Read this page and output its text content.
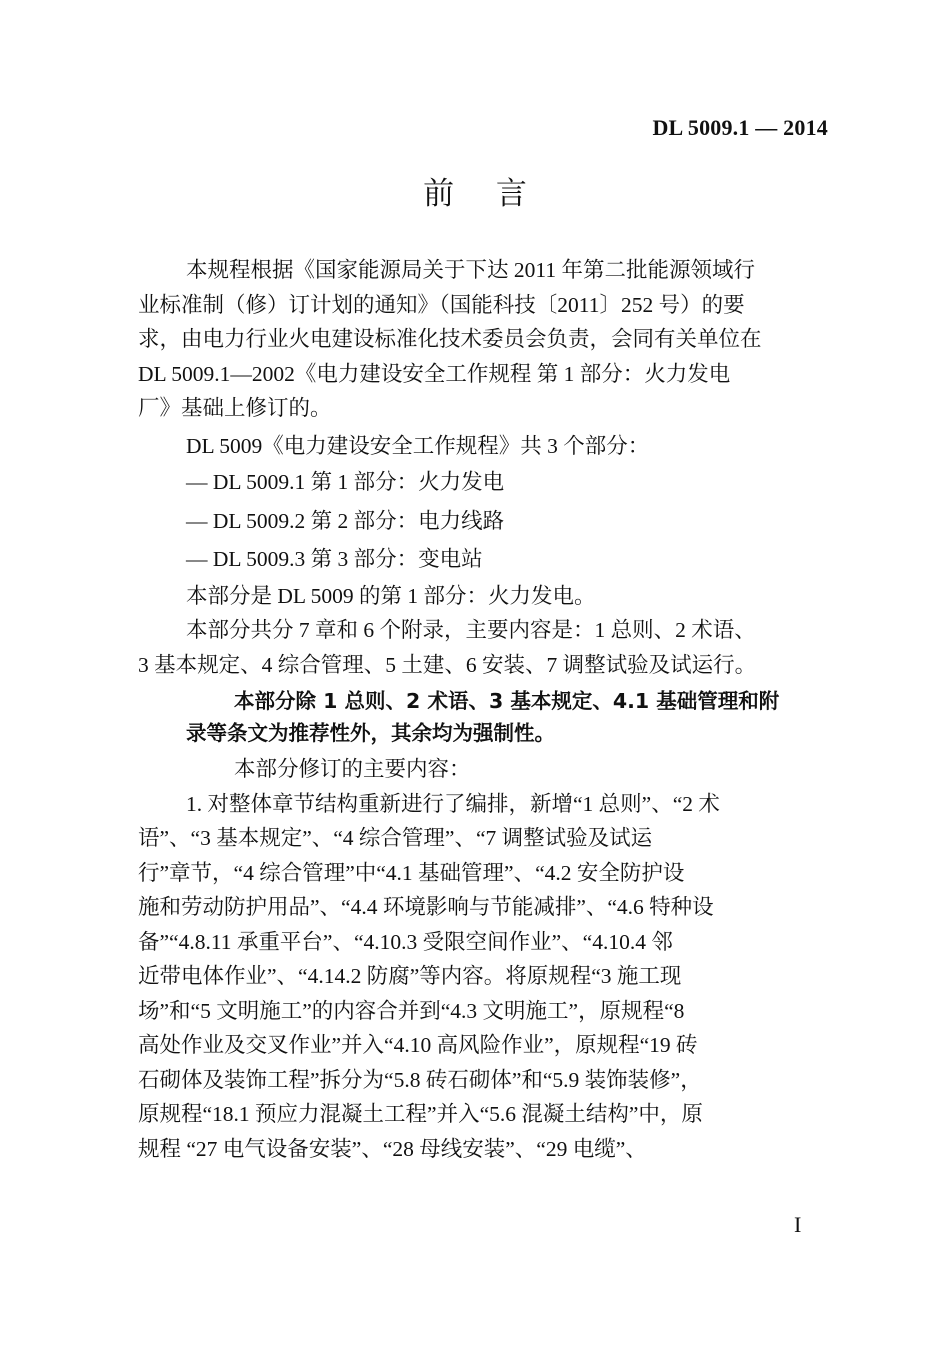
DL 5009.1 — 2014
前 言
本规程根据《国家能源局关于下达 2011 年第二批能源领域行
业标准制（修）订计划的通知》（国能科技〔2011〕252 号）的要
求，由电力行业火电建设标准化技术委员会负责，会同有关单位在
DL 5009.1—2002《电力建设安全工作规程 第 1 部分：火力发电
厂》基础上修订的。
DL 5009《电力建设安全工作规程》共 3 个部分：
— DL 5009.1 第 1 部分：火力发电
— DL 5009.2 第 2 部分：电力线路
— DL 5009.3 第 3 部分：变电站
本部分是 DL 5009 的第 1 部分：火力发电。
本部分共分 7 章和 6 个附录，主要内容是：1 总则、2 术语、
3 基本规定、4 综合管理、5 土建、6 安装、7 调整试验及试运行。
本部分除 1 总则、2 术语、3 基本规定、4.1 基础管理和附
录等条文为推荐性外，其余均为强制性。
本部分修订的主要内容：
1. 对整体章节结构重新进行了编排，新增“1 总则”、“2 术
语”、“3 基本规定”、“4 综合管理”、“7 调整试验及试运
行”章节，“4 综合管理”中“4.1 基础管理”、“4.2 安全防护设
施和劳动防护用品”、“4.4 环境影响与节能减排”、“4.6 特种设
备”“4.8.11 承重平台”、“4.10.3 受限空间作业”、“4.10.4 邻
近带电体作业”、“4.14.2 防腐”等内容。将原规程“3 施工现
场”和“5 文明施工”的内容合并到“4.3 文明施工”，原规程“8
高处作业及交叉作业”并入“4.10 高风险作业”，原规程“19 砖
石砌体及装饰工程”拆分为“5.8 砖石砌体”和“5.9 装饰装修”，
原规程“18.1 预应力混凝土工程”并入“5.6 混凝土结构”中，原
规程 “27 电气设备安装”、“28 母线安装”、“29 电缆”、
I
